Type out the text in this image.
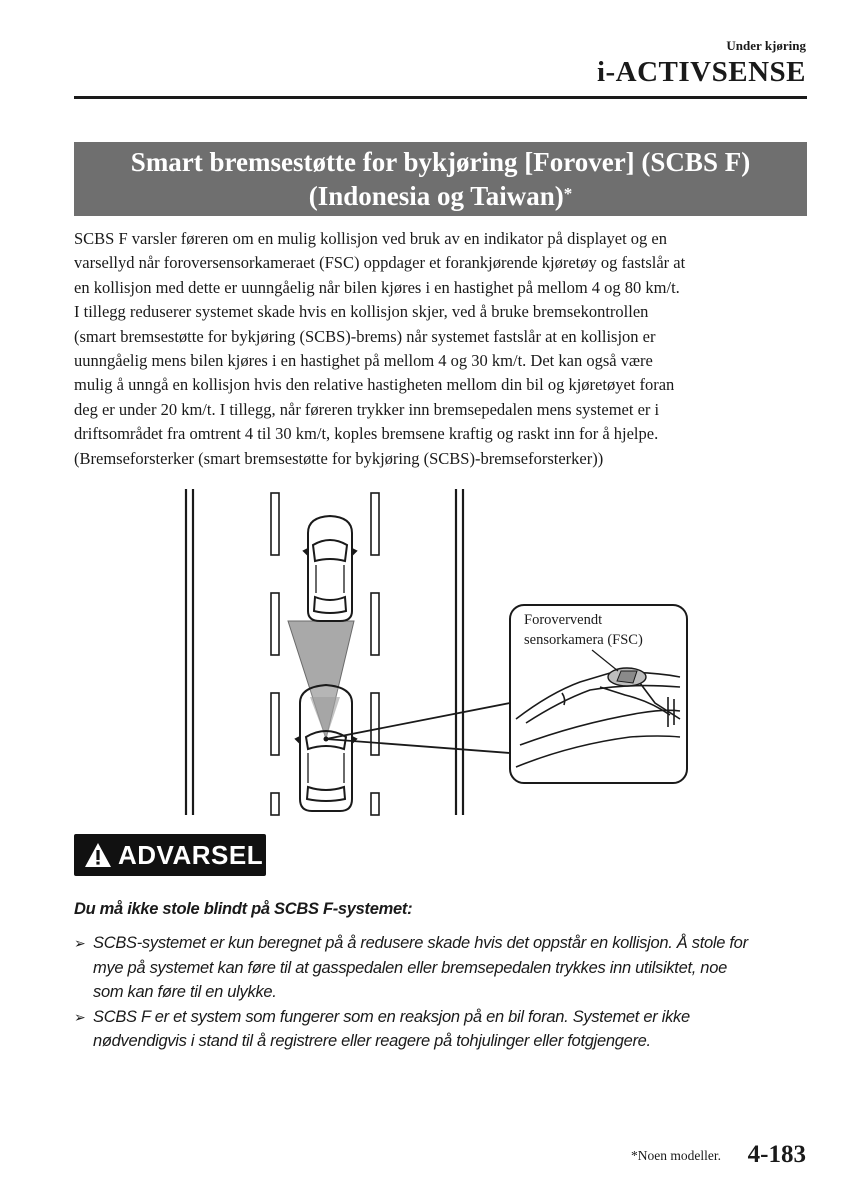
Under kjøring
i-ACTIVSENSE
Smart bremsestøtte for bykjøring [Forover] (SCBS F)
(Indonesia og Taiwan)*
SCBS F varsler føreren om en mulig kollisjon ved bruk av en indikator på displayet og en
varsellyd når foroversensorkameraet (FSC) oppdager et forankjørende kjøretøy og fastslår at
en kollisjon med dette er uunngåelig når bilen kjøres i en hastighet på mellom 4 og 80 km/t.
I tillegg reduserer systemet skade hvis en kollisjon skjer, ved å bruke bremsekontrollen
(smart bremsestøtte for bykjøring (SCBS)-brems) når systemet fastslår at en kollisjon er
uunngåelig mens bilen kjøres i en hastighet på mellom 4 og 30 km/t. Det kan også være
mulig å unngå en kollisjon hvis den relative hastigheten mellom din bil og kjøretøyet foran
deg er under 20 km/t. I tillegg, når føreren trykker inn bremsepedalen mens systemet er i
driftsområdet fra omtrent 4 til 30 km/t, koples bremsene kraftig og raskt inn for å hjelpe.
(Bremseforsterker (smart bremsestøtte for bykjøring (SCBS)-bremseforsterker))
Forovervendt
sensorkamera (FSC)
ADVARSEL
Du må ikke stole blindt på SCBS F-systemet:
➢ SCBS-systemet er kun beregnet på å redusere skade hvis det oppstår en kollisjon. Å stole for
mye på systemet kan føre til at gasspedalen eller bremsepedalen trykkes inn utilsiktet, noe
som kan føre til en ulykke.
➢ SCBS F er et system som fungerer som en reaksjon på en bil foran. Systemet er ikke
nødvendigvis i stand til å registrere eller reagere på tohjulinger eller fotgjengere.
*Noen modeller. 4-183
